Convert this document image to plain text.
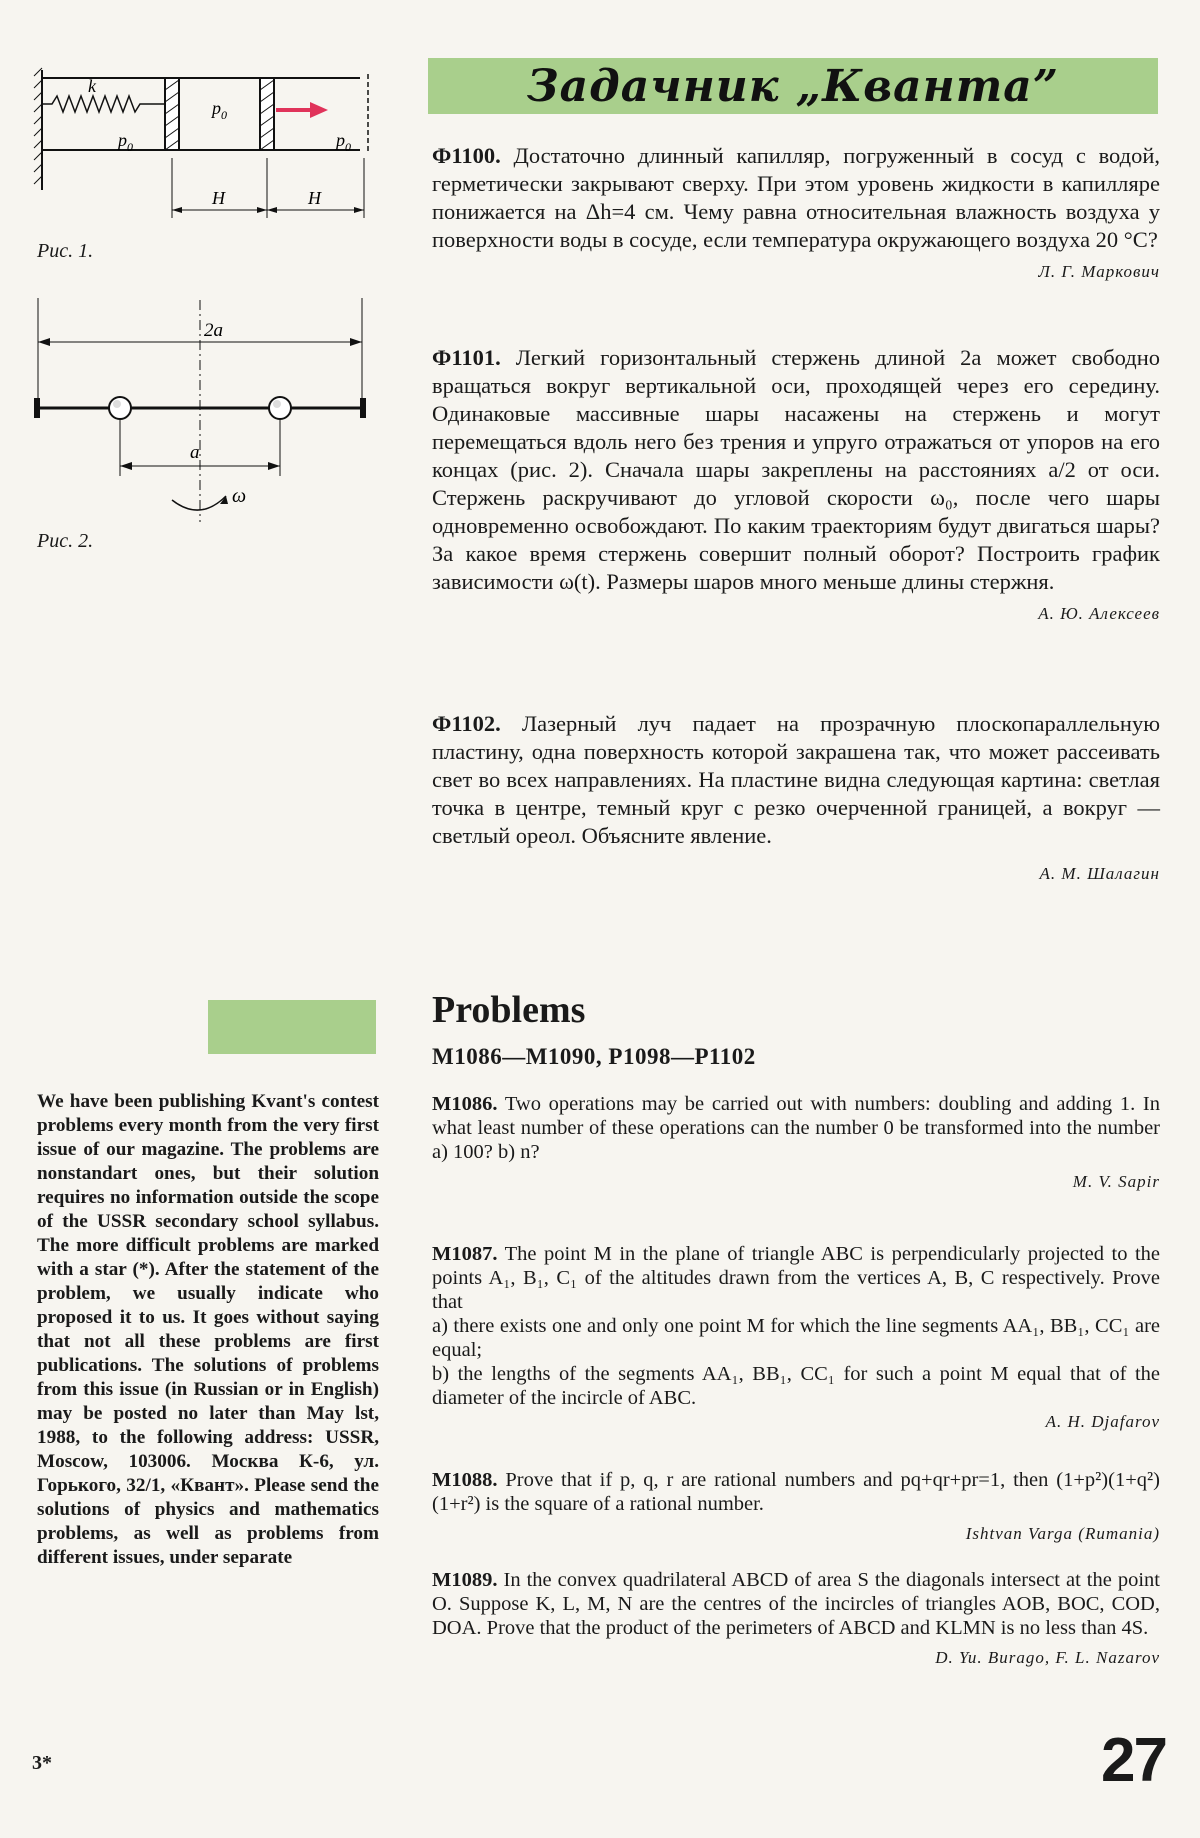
k
$p_0$
$p_0$
$p_0$
H	H
Рис. 1.
2a
a
ω
Рис. 2.
Задачник „Кванта”
Ф1100. Достаточно длинный капилляр, погруженный в сосуд с водой, герметически закрывают сверху. При этом уровень жидкости в капилляре понижается на Δh=4 см. Чему равна относительная влажность воздуха у поверхности воды в сосуде, если температура окружающего воздуха 20 °С?
Л. Г. Маркович
Ф1101. Легкий горизонтальный стержень длиной 2a может свободно вращаться вокруг вертикальной оси, проходящей через его середину. Одинаковые массивные шары насажены на стержень и могут перемещаться вдоль него без трения и упруго отражаться от упоров на его концах (рис. 2). Сначала шары закреплены на расстояниях a/2 от оси. Стержень раскручивают до угловой скорости ω₀, после чего шары одновременно освобождают. По каким траекториям будут двигаться шары? За какое время стержень совершит полный оборот? Построить график зависимости ω(t). Размеры шаров много меньше длины стержня.
А. Ю. Алексеев
Ф1102. Лазерный луч падает на прозрачную плоскопараллельную пластину, одна поверхность которой закрашена так, что может рассеивать свет во всех направлениях. На пластине видна следующая картина: светлая точка в центре, темный круг с резко очерченной границей, а вокруг — светлый ореол. Объясните явление.
А. М. Шалагин
Problems
M1086—M1090, P1098—P1102

M1086. Two operations may be carried out with numbers: doubling and adding 1. In what least number of these operations can the number 0 be transformed into the number a) 100? b) n?

M. V. Sapir

M1087. The point M in the plane of triangle ABC is perpendicularly projected to the points A₁, B₁, C₁ of the altitudes drawn from the vertices A, B, C respectively. Prove that

a) there exists one and only one point M for which the line segments AA₁, BB₁, CC₁ are equal;

b) the lengths of the segments AA₁, BB₁, CC₁ for such a point M equal that of the diameter of the incircle of ABC.

A. H. Djafarov

M1088. Prove that if p, q, r are rational numbers and pq+qr+pr=1, then (1+p²)(1+q²)(1+r²) is the square of a rational number.

Ishtvan Varga (Rumania)

M1089. In the convex quadrilateral ABCD of area S the diagonals intersect at the point O. Suppose K, L, M, N are the centres of the incircles of triangles AOB, BOC, COD, DOA. Prove that the product of the perimeters of ABCD and KLMN is no less than 4S.

D. Yu. Burago, F. L. Nazarov
We have been publishing Kvant's contest problems every month from the very first issue of our magazine. The problems are nonstandart ones, but their solution requires no information outside the scope of the USSR secondary school syllabus. The more difficult problems are marked with a star (*). After the statement of the problem, we usually indicate who proposed it to us. It goes without saying that not all these problems are first publications. The solutions of problems from this issue (in Russian or in English) may be posted no later than May lst, 1988, to the following address: USSR, Moscow, 103006. Москва К-6, ул. Горького, 32/1, «Квант». Please send the solutions of physics and mathematics problems, as well as problems from different issues, under separate
3*	27
